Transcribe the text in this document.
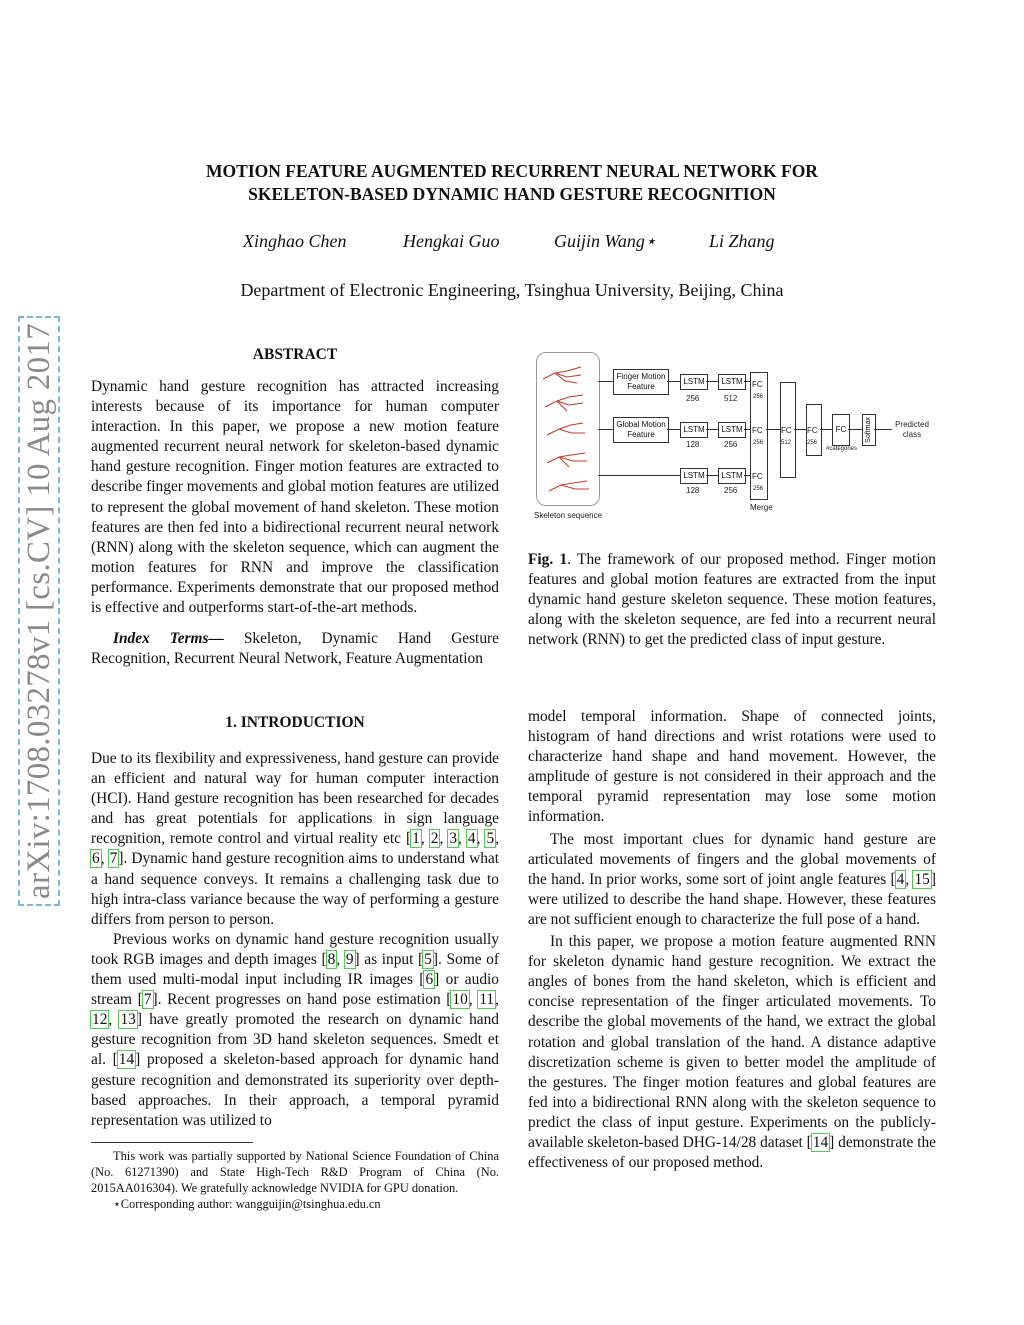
arXiv:1708.03278v1 [cs.CV] 10 Aug 2017
MOTION FEATURE AUGMENTED RECURRENT NEURAL NETWORK FOR
SKELETON-BASED DYNAMIC HAND GESTURE RECOGNITION
Xinghao Chen	Hengkai Guo	Guijin Wang⋆	Li Zhang
Department of Electronic Engineering, Tsinghua University, Beijing, China

ABSTRACT

Dynamic hand gesture recognition has attracted increasing interests because of its importance for human computer interaction. In this paper, we propose a new motion feature augmented recurrent neural network for skeleton-based dynamic hand gesture recognition. Finger motion features are extracted to describe finger movements and global motion features are utilized to represent the global movement of hand skeleton. These motion features are then fed into a bidirectional recurrent neural network (RNN) along with the skeleton sequence, which can augment the motion features for RNN and improve the classification performance. Experiments demonstrate that our proposed method is effective and outperforms start-of-the-art methods.

Index Terms— Skeleton, Dynamic Hand Gesture Recognition, Recurrent Neural Network, Feature Augmentation

1. INTRODUCTION

Due to its flexibility and expressiveness, hand gesture can provide an efficient and natural way for human computer interaction (HCI). Hand gesture recognition has been researched for decades and has great potentials for applications in sign language recognition, remote control and virtual reality etc [1, 2, 3, 4, 5, 6, 7]. Dynamic hand gesture recognition aims to understand what a hand sequence conveys. It remains a challenging task due to high intra-class variance because the way of performing a gesture differs from person to person.

Previous works on dynamic hand gesture recognition usually took RGB images and depth images [8, 9] as input [5]. Some of them used multi-modal input including IR images [6] or audio stream [7]. Recent progresses on hand pose estimation [10, 11, 12, 13] have greatly promoted the research on dynamic hand gesture recognition from 3D hand skeleton sequences. Smedt et al. [14] proposed a skeleton-based approach for dynamic hand gesture recognition and demonstrated its superiority over depth-based approaches. In their approach, a temporal pyramid representation was utilized to

This work was partially supported by National Science Foundation of China (No. 61271390) and State High-Tech R&D Program of China (No. 2015AA016304). We gratefully acknowledge NVIDIA for GPU donation.

⋆Corresponding author: wangguijin@tsinghua.edu.cn

Skeleton sequence
Finger Motion Feature
Global Motion Feature
LSTM
256
LSTM
512
LSTM
128
LSTM
256
LSTM
128
LSTM
256
FC
256
FC
256
FC
256
Merge
FC
512
FC
256
FC
#categories
Softmax	Predicted class

Fig. 1. The framework of our proposed method. Finger motion features and global motion features are extracted from the input dynamic hand gesture skeleton sequence. These motion features, along with the skeleton sequence, are fed into a recurrent neural network (RNN) to get the predicted class of input gesture.

model temporal information. Shape of connected joints, histogram of hand directions and wrist rotations were used to characterize hand shape and hand movement. However, the amplitude of gesture is not considered in their approach and the temporal pyramid representation may lose some motion information.

The most important clues for dynamic hand gesture are articulated movements of fingers and the global movements of the hand. In prior works, some sort of joint angle features [4, 15] were utilized to describe the hand shape. However, these features are not sufficient enough to characterize the full pose of a hand.

In this paper, we propose a motion feature augmented RNN for skeleton dynamic hand gesture recognition. We extract the angles of bones from the hand skeleton, which is efficient and concise representation of the finger articulated movements. To describe the global movements of the hand, we extract the global rotation and global translation of the hand. A distance adaptive discretization scheme is given to better model the amplitude of the gestures. The finger motion features and global features are fed into a bidirectional RNN along with the skeleton sequence to predict the class of input gesture. Experiments on the publicly-available skeleton-based DHG-14/28 dataset [14] demonstrate the effectiveness of our proposed method.
